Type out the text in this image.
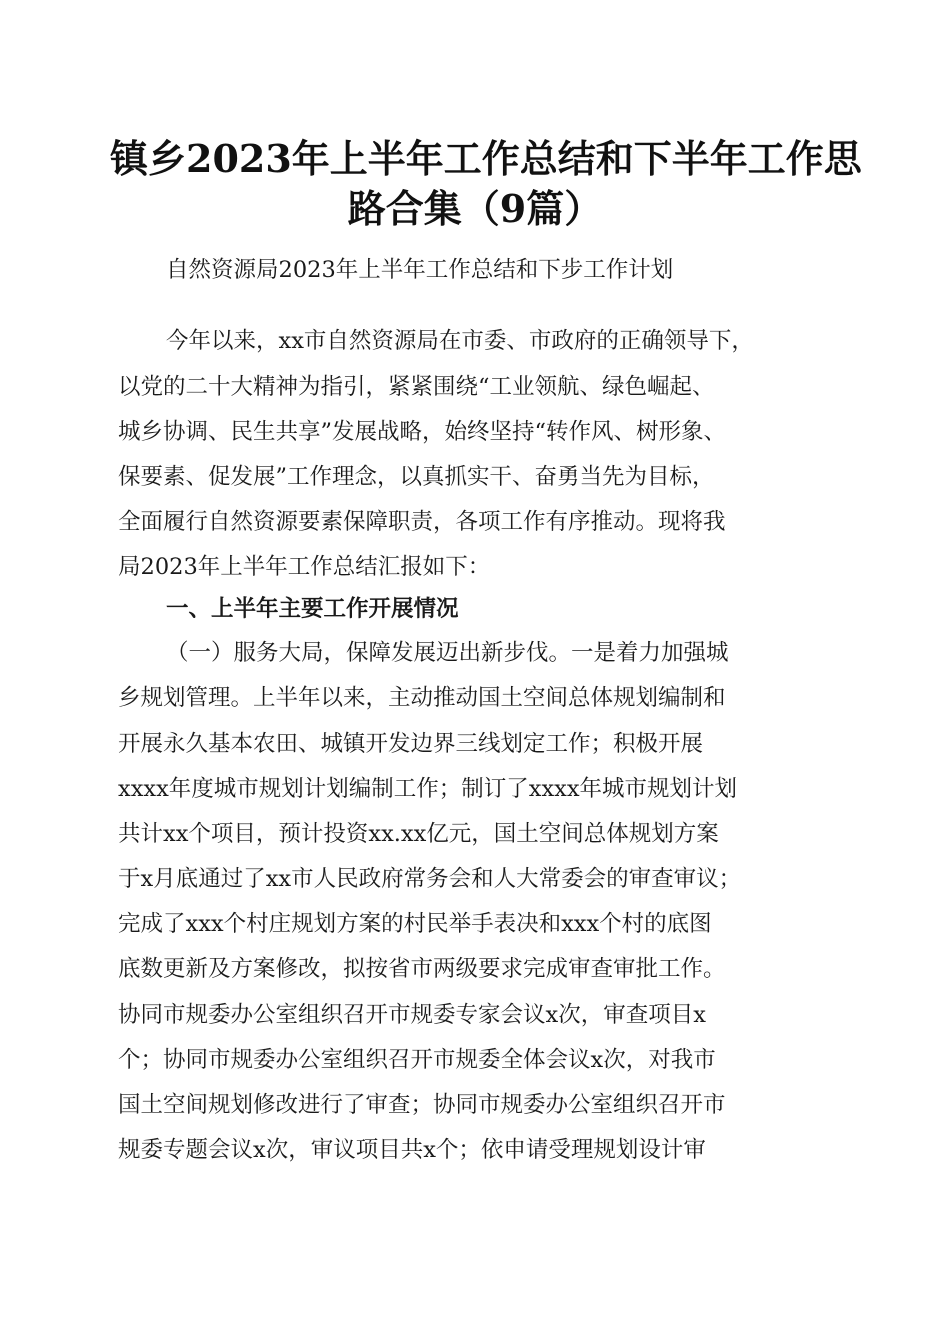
镇乡2023年上半年工作总结和下半年工作思
路合集（9篇）
自然资源局2023年上半年工作总结和下步工作计划
今年以来，xx市自然资源局在市委、市政府的正确领导下，
以党的二十大精神为指引，紧紧围绕“工业领航、绿色崛起、
城乡协调、民生共享”发展战略，始终坚持“转作风、树形象、
保要素、促发展”工作理念，以真抓实干、奋勇当先为目标，
全面履行自然资源要素保障职责，各项工作有序推动。现将我
局2023年上半年工作总结汇报如下：
一、上半年主要工作开展情况
（一）服务大局，保障发展迈出新步伐。一是着力加强城
乡规划管理。上半年以来，主动推动国土空间总体规划编制和
开展永久基本农田、城镇开发边界三线划定工作；积极开展
xxxx年度城市规划计划编制工作；制订了xxxx年城市规划计划
共计xx个项目，预计投资xx.xx亿元，国土空间总体规划方案
于x月底通过了xx市人民政府常务会和人大常委会的审查审议；
完成了xxx个村庄规划方案的村民举手表决和xxx个村的底图
底数更新及方案修改，拟按省市两级要求完成审查审批工作。
协同市规委办公室组织召开市规委专家会议x次，审查项目x
个；协同市规委办公室组织召开市规委全体会议x次，对我市
国土空间规划修改进行了审查；协同市规委办公室组织召开市
规委专题会议x次，审议项目共x个；依申请受理规划设计审
